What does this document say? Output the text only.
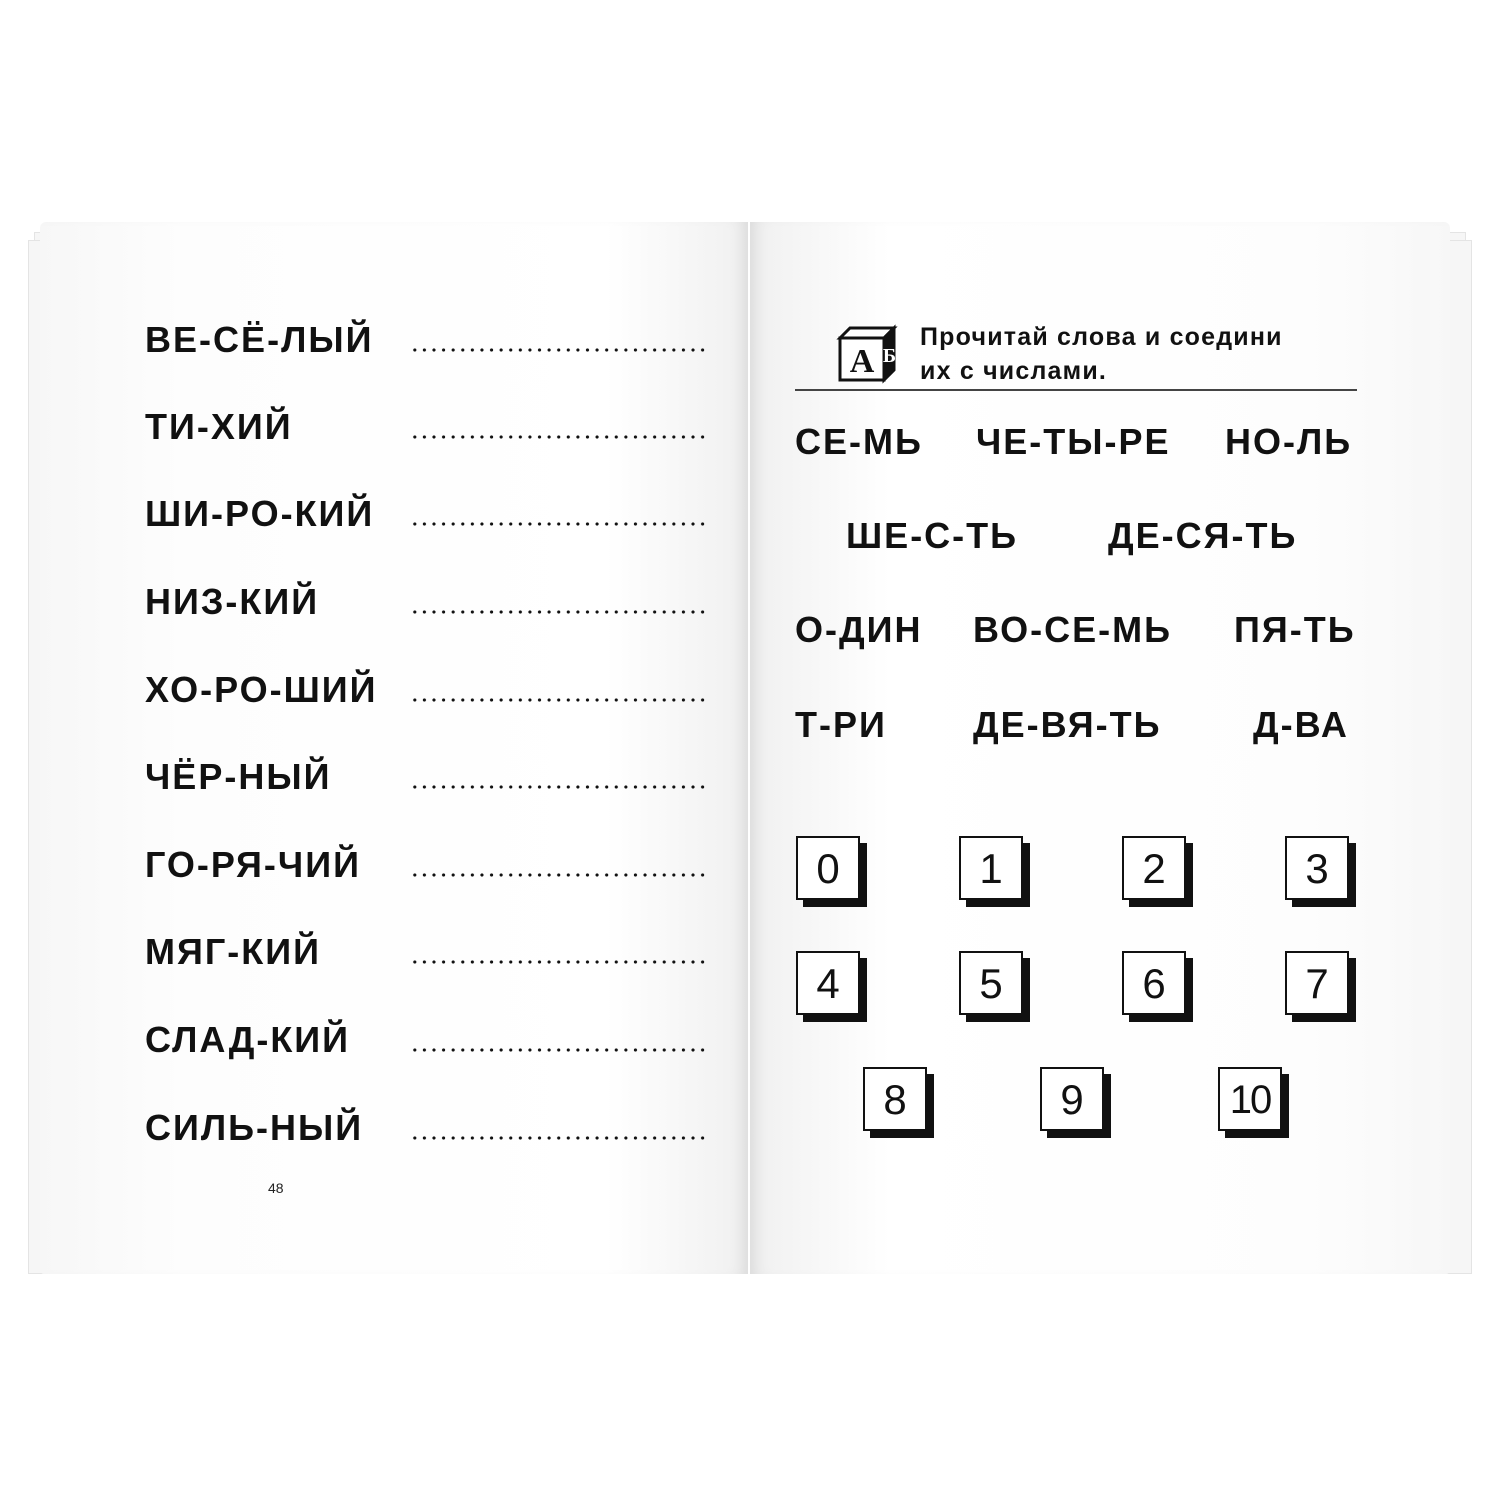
ВЕ-СЁ-ЛЫЙ
ТИ-ХИЙ
ШИ-РО-КИЙ
НИЗ-КИЙ
ХО-РО-ШИЙ
ЧЁР-НЫЙ
ГО-РЯ-ЧИЙ
МЯГ-КИЙ
СЛАД-КИЙ
СИЛЬ-НЫЙ
48
А Б
Прочитай слова и соедини
их с числами.
СЕ-МЬ ЧЕ-ТЫ-РЕ НО-ЛЬ
ШЕ-С-ТЬ ДЕ-СЯ-ТЬ
О-ДИН ВО-СЕ-МЬ ПЯ-ТЬ
Т-РИ ДЕ-ВЯ-ТЬ	Д-ВА
0	1	2	3
4	5	6	7
8	9	10
